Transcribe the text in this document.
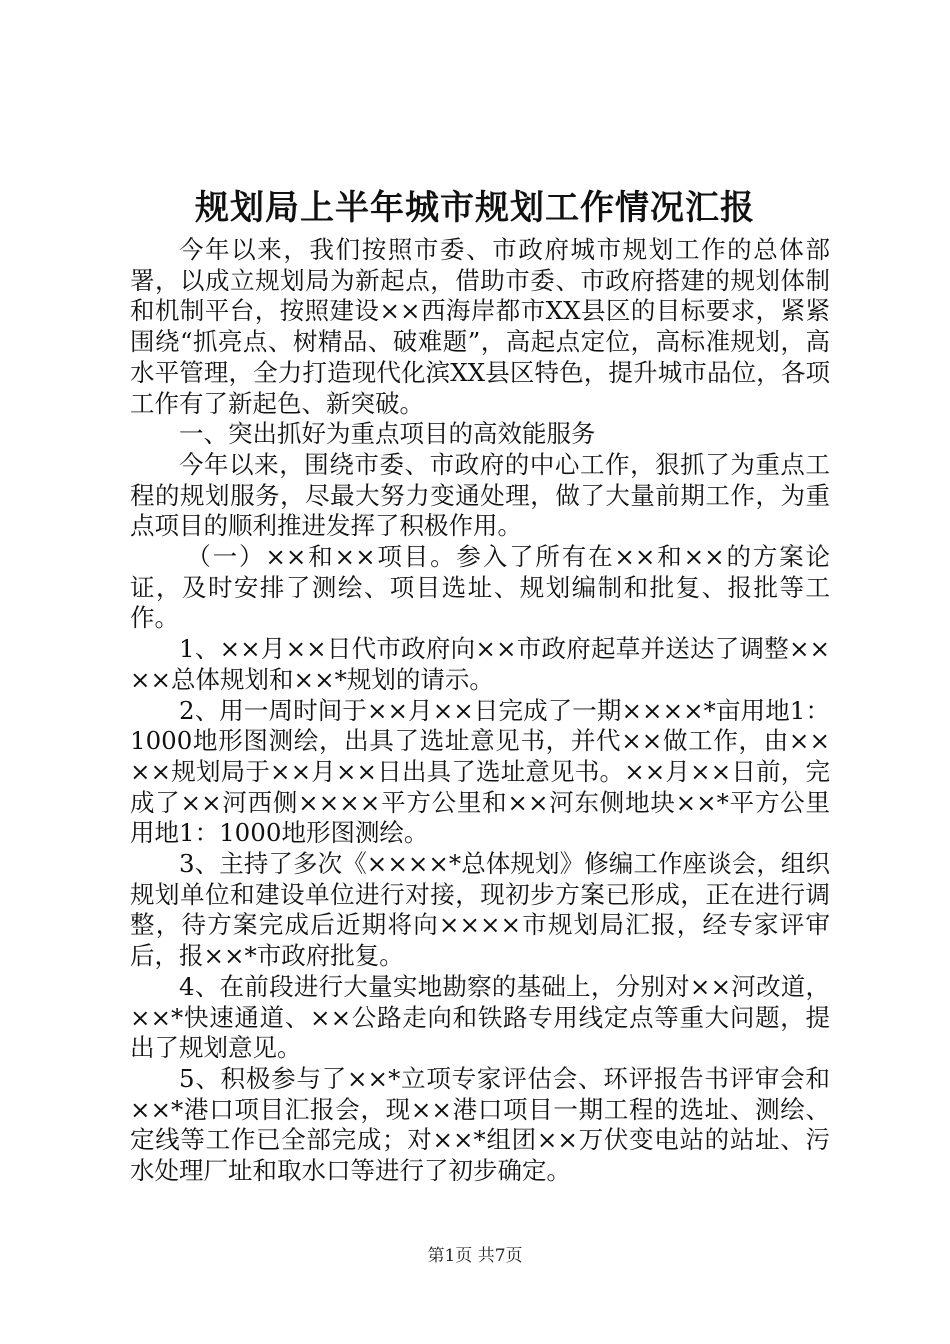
规划局上半年城市规划工作情况汇报

今年以来，我们按照市委、市政府城市规划工作的总体部署，以成立规划局为新起点，借助市委、市政府搭建的规划体制和机制平台，按照建设××西海岸都市XX县区的目标要求，紧紧围绕“抓亮点、树精品、破难题”，高起点定位，高标准规划，高水平管理，全力打造现代化滨XX县区特色，提升城市品位，各项工作有了新起色、新突破。

一、突出抓好为重点项目的高效能服务

今年以来，围绕市委、市政府的中心工作，狠抓了为重点工程的规划服务，尽最大努力变通处理，做了大量前期工作，为重点项目的顺利推进发挥了积极作用。

（一）××和××项目。参入了所有在××和××的方案论证，及时安排了测绘、项目选址、规划编制和批复、报批等工作。

1、××月××日代市政府向××市政府起草并送达了调整××××总体规划和××*规划的请示。

2、用一周时间于××月××日完成了一期××××*亩用地1：1000地形图测绘，出具了选址意见书，并代××做工作，由××××规划局于××月××日出具了选址意见书。××月××日前，完成了××河西侧××××平方公里和××河东侧地块××*平方公里用地1：1000地形图测绘。

3、主持了多次《××××*总体规划》修编工作座谈会，组织规划单位和建设单位进行对接，现初步方案已形成，正在进行调整，待方案完成后近期将向××××市规划局汇报，经专家评审后，报××*市政府批复。

4、在前段进行大量实地勘察的基础上，分别对××河改道，××*快速通道、××公路走向和铁路专用线定点等重大问题，提出了规划意见。

5、积极参与了××*立项专家评估会、环评报告书评审会和××*港口项目汇报会，现××港口项目一期工程的选址、测绘、定线等工作已全部完成；对××*组团××万伏变电站的站址、污水处理厂址和取水口等进行了初步确定。

第1页 共7页
